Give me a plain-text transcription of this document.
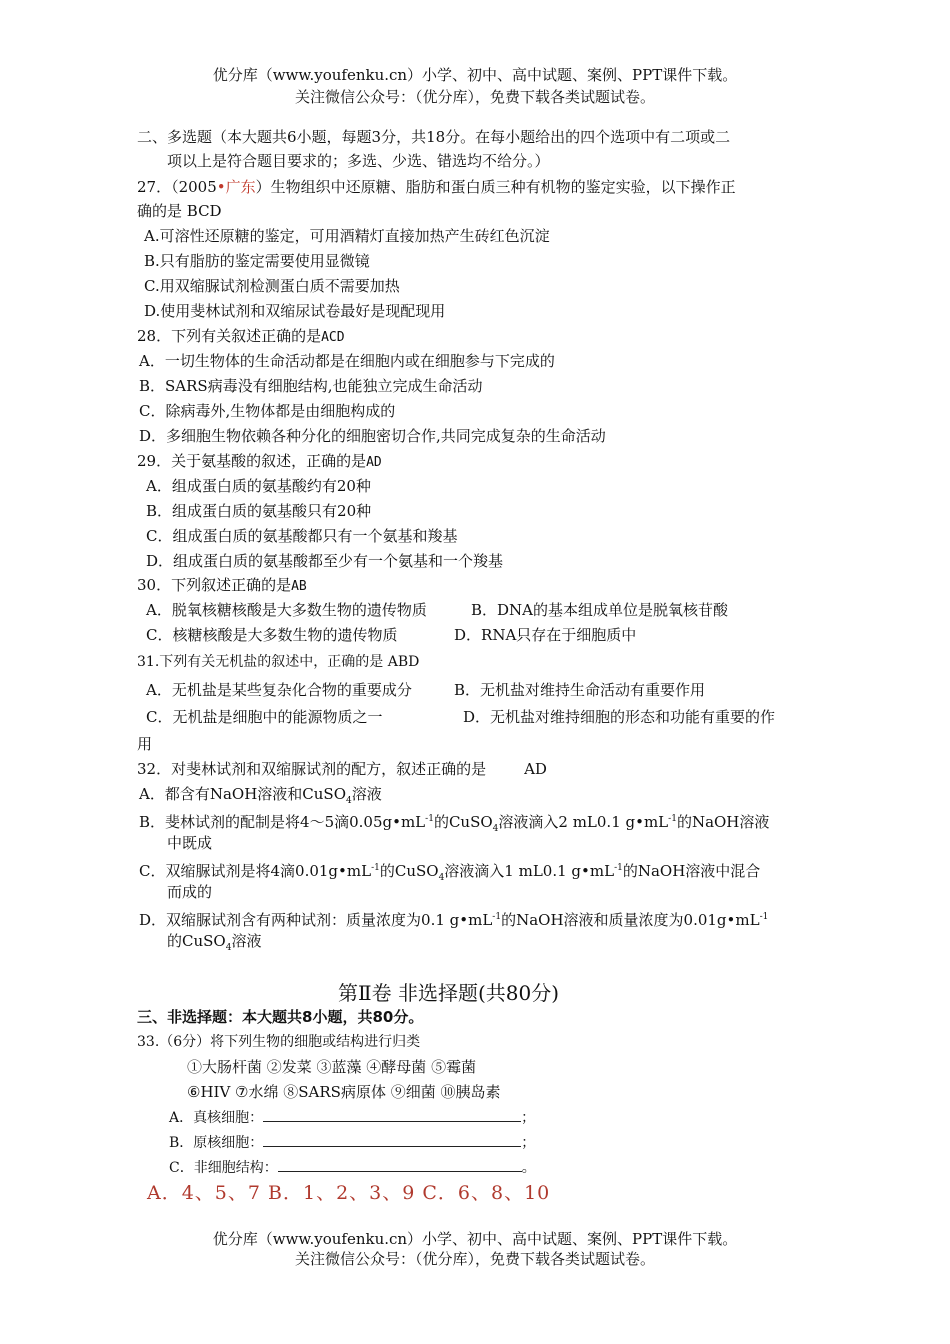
优分库（www.youfenku.cn）小学、初中、高中试题、案例、PPT课件下载。
关注微信公众号：（优分库），免费下载各类试题试卷。
二、多选题（本大题共6小题，每题3分，共18分。在每小题给出的四个选项中有二项或二
项以上是符合题目要求的；多选、少选、错选均不给分。）
27．（2005•广东）生物组织中还原糖、脂肪和蛋白质三种有机物的鉴定实验，以下操作正
确的是 BCD
A.可溶性还原糖的鉴定，可用酒精灯直接加热产生砖红色沉淀
B.只有脂肪的鉴定需要使用显微镜
C.用双缩脲试剂检测蛋白质不需要加热
D.使用斐林试剂和双缩尿试卷最好是现配现用
28．下列有关叙述正确的是ACD
A．一切生物体的生命活动都是在细胞内或在细胞参与下完成的
B．SARS病毒没有细胞结构,也能独立完成生命活动
C．除病毒外,生物体都是由细胞构成的
D．多细胞生物依赖各种分化的细胞密切合作,共同完成复杂的生命活动
29．关于氨基酸的叙述，正确的是AD
A．组成蛋白质的氨基酸约有20种
B．组成蛋白质的氨基酸只有20种
C．组成蛋白质的氨基酸都只有一个氨基和羧基
D．组成蛋白质的氨基酸都至少有一个氨基和一个羧基
30．下列叙述正确的是AB
A．脱氧核糖核酸是大多数生物的遗传物质	B．DNA的基本组成单位是脱氧核苷酸
C．核糖核酸是大多数生物的遗传物质	D．RNA只存在于细胞质中
31.下列有关无机盐的叙述中，正确的是 ABD
A．无机盐是某些复杂化合物的重要成分	B．无机盐对维持生命活动有重要作用
C．无机盐是细胞中的能源物质之一	D．无机盐对维持细胞的形态和功能有重要的作
用
32．对斐林试剂和双缩脲试剂的配方，叙述正确的是	AD
A．都含有NaOH溶液和CuSO$_4$溶液
B．斐林试剂的配制是将4～5滴$0.05g•mL^{-1}$的CuSO$_4$溶液滴入2 mL0.1 $g•mL^{-1}$的NaOH溶液
中既成
C．双缩脲试剂是将4滴$0.01g•mL^{-1}$的CuSO$_4$溶液滴入1 mL0.1 $g•mL^{-1}$的NaOH溶液中混合
而成的
D．双缩脲试剂含有两种试剂：质量浓度为0.1 $g•mL^{-1}$的NaOH溶液和质量浓度为$0.01g•mL^{-1}$
的CuSO$_4$溶液
第Ⅱ卷 非选择题(共80分)
三、非选择题：本大题共8小题，共80分。
33.（6分）将下列生物的细胞或结构进行归类
①大肠杆菌 ②发菜 ③蓝藻 ④酵母菌 ⑤霉菌
⑥HIV ⑦水绵 ⑧SARS病原体 ⑨细菌 ⑩胰岛素
A．真核细胞：	；
B．原核细胞：	；
C．非细胞结构：	。
A．4、5、7 B．1、2、3、9 C．6、8、10
优分库（www.youfenku.cn）小学、初中、高中试题、案例、PPT课件下载。
关注微信公众号：（优分库），免费下载各类试题试卷。
